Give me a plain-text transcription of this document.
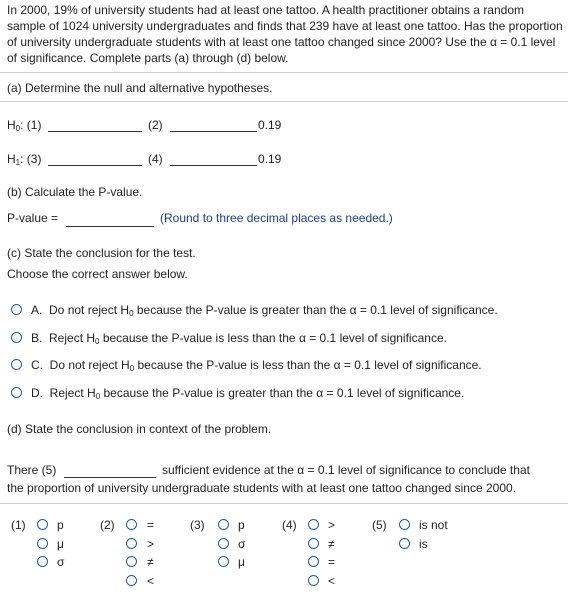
In 2000, 19% of university students had at least one tattoo. A health practitioner obtains a random sample of 1024 university undergraduates and finds that 239 have at least one tattoo. Has the proportion of university undergraduate students with at least one tattoo changed since 2000? Use the α = 0.1 level of significance. Complete parts (a) through (d) below.
(a) Determine the null and alternative hypotheses.
$H_0$: (1)	(2)	0.19
$H_1$: (3)	(4)	0.19
(b) Calculate the P-value.
P-value =	(Round to three decimal places as needed.)
(c) State the conclusion for the test.
Choose the correct answer below.
A. Do not reject $H_0$ because the P-value is greater than the α = 0.1 level of significance.
B. Reject $H_0$ because the P-value is less than the α = 0.1 level of significance.
C. Do not reject $H_0$ because the P-value is less than the α = 0.1 level of significance.
D. Reject $H_0$ because the P-value is greater than the α = 0.1 level of significance.
(d) State the conclusion in context of the problem.
There (5)	sufficient evidence at the α = 0.1 level of significance to conclude that
the proportion of university undergraduate students with at least one tattoo changed since 2000.
(1)	p
μ
σ
(2)	=
>
≠
<
(3)	p
σ
μ
(4)	>
≠
=
<
(5)	is not
is
